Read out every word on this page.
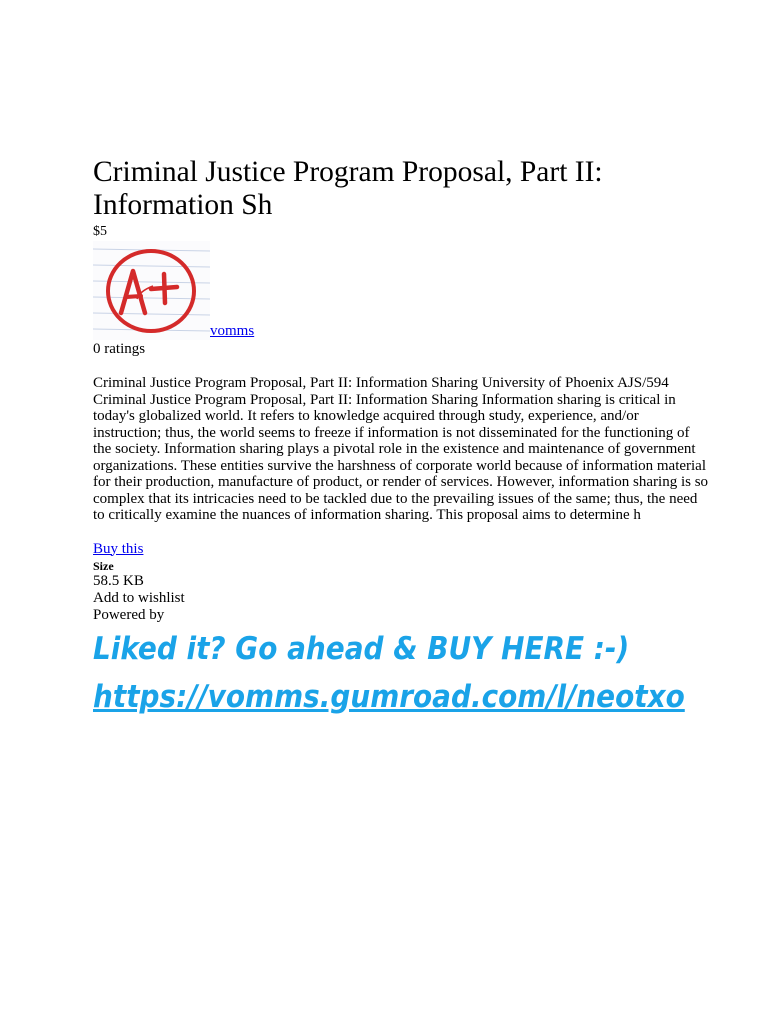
Criminal Justice Program Proposal, Part II: Information Sh
$5
vomms
0 ratings
Criminal Justice Program Proposal, Part II: Information Sharing University of Phoenix AJS/594 Criminal Justice Program Proposal, Part II: Information Sharing Information sharing is critical in today's globalized world. It refers to knowledge acquired through study, experience, and/or instruction; thus, the world seems to freeze if information is not disseminated for the functioning of the society. Information sharing plays a pivotal role in the existence and maintenance of government organizations. These entities survive the harshness of corporate world because of information material for their production, manufacture of product, or render of services. However, information sharing is so complex that its intricacies need to be tackled due to the prevailing issues of the same; thus, the need to critically examine the nuances of information sharing. This proposal aims to determine h
Buy this
Size
58.5 KB
Add to wishlist
Powered by
Liked it? Go ahead & BUY HERE :-)
https://vomms.gumroad.com/l/neotxo
